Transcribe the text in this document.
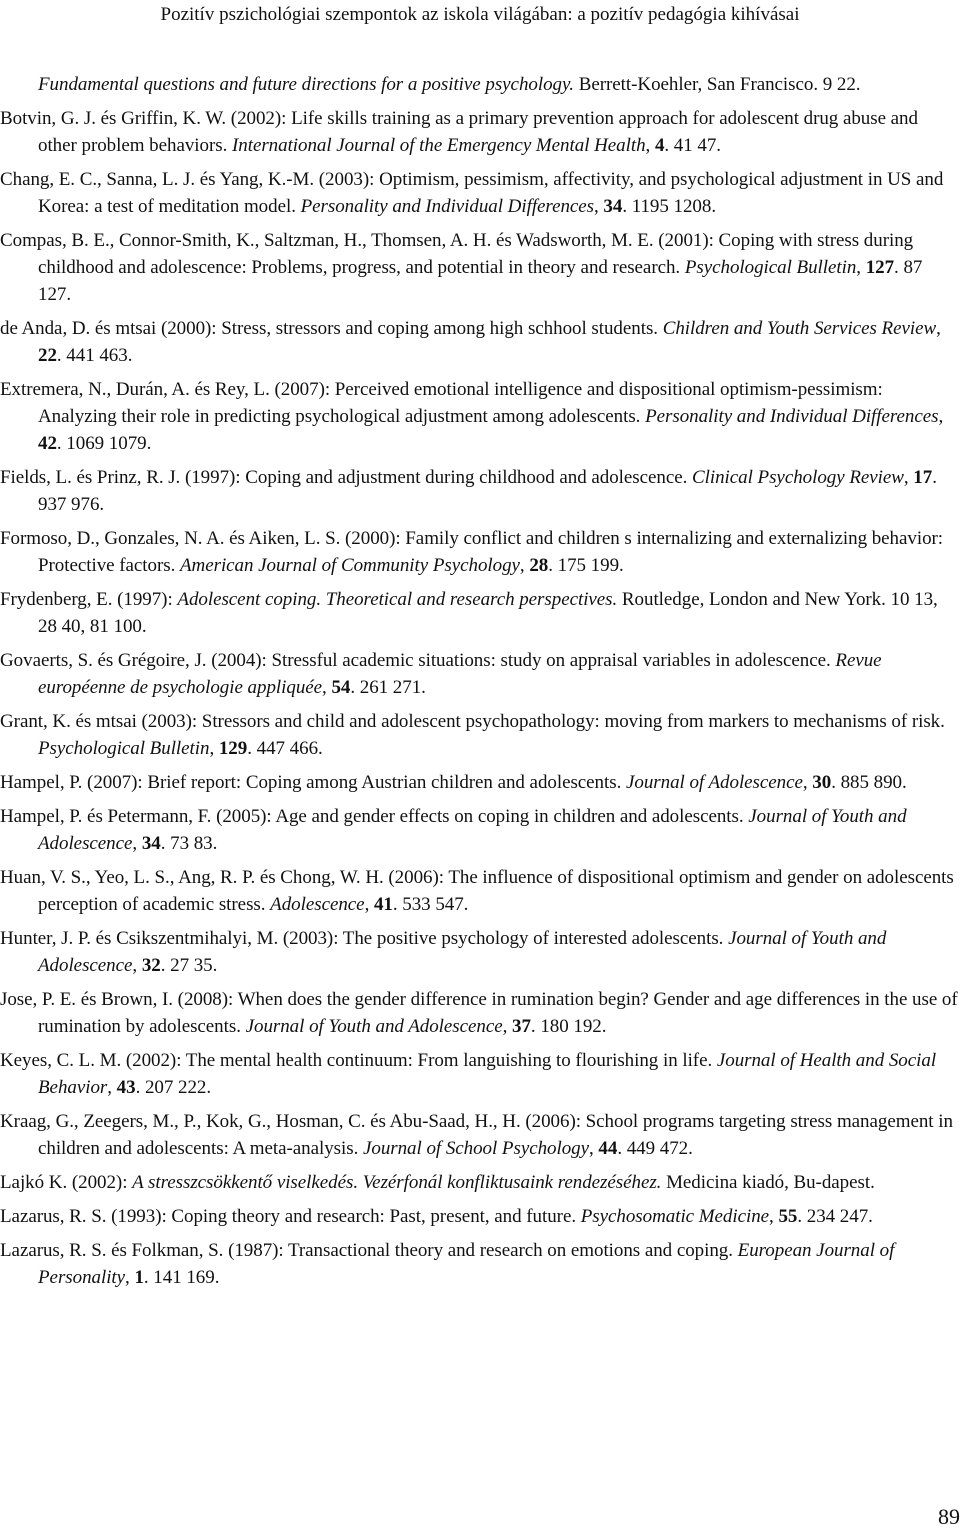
Pozitív pszichológiai szempontok az iskola világában: a pozitív pedagógia kihívásai

Fundamental questions and future directions for a positive psychology. Berrett-Koehler, San Francisco. 9 22.

Botvin, G. J. és Griffin, K. W. (2002): Life skills training as a primary prevention approach for adolescent drug abuse and other problem behaviors. International Journal of the Emergency Mental Health, 4. 41 47.

Chang, E. C., Sanna, L. J. és Yang, K.-M. (2003): Optimism, pessimism, affectivity, and psychological adjustment in US and Korea: a test of meditation model. Personality and Individual Differences, 34. 1195 1208.

Compas, B. E., Connor-Smith, K., Saltzman, H., Thomsen, A. H. és Wadsworth, M. E. (2001): Coping with stress during childhood and adolescence: Problems, progress, and potential in theory and research. Psychological Bulletin, 127. 87 127.

de Anda, D. és mtsai (2000): Stress, stressors and coping among high schhool students. Children and Youth Services Review, 22. 441 463.

Extremera, N., Durán, A. és Rey, L. (2007): Perceived emotional intelligence and dispositional optimism-pessimism: Analyzing their role in predicting psychological adjustment among adolescents. Personality and Individual Differences, 42. 1069 1079.

Fields, L. és Prinz, R. J. (1997): Coping and adjustment during childhood and adolescence. Clinical Psychology Review, 17. 937 976.

Formoso, D., Gonzales, N. A. és Aiken, L. S. (2000): Family conflict and children s internalizing and externalizing behavior: Protective factors. American Journal of Community Psychology, 28. 175 199.

Frydenberg, E. (1997): Adolescent coping. Theoretical and research perspectives. Routledge, London and New York. 10 13, 28 40, 81 100.

Govaerts, S. és Grégoire, J. (2004): Stressful academic situations: study on appraisal variables in adolescence. Revue européenne de psychologie appliquée, 54. 261 271.

Grant, K. és mtsai (2003): Stressors and child and adolescent psychopathology: moving from markers to mechanisms of risk. Psychological Bulletin, 129. 447 466.

Hampel, P. (2007): Brief report: Coping among Austrian children and adolescents. Journal of Adolescence, 30. 885 890.

Hampel, P. és Petermann, F. (2005): Age and gender effects on coping in children and adolescents. Journal of Youth and Adolescence, 34. 73 83.

Huan, V. S., Yeo, L. S., Ang, R. P. és Chong, W. H. (2006): The influence of dispositional optimism and gender on adolescents perception of academic stress. Adolescence, 41. 533 547.

Hunter, J. P. és Csikszentmihalyi, M. (2003): The positive psychology of interested adolescents. Journal of Youth and Adolescence, 32. 27 35.

Jose, P. E. és Brown, I. (2008): When does the gender difference in rumination begin? Gender and age differences in the use of rumination by adolescents. Journal of Youth and Adolescence, 37. 180 192.

Keyes, C. L. M. (2002): The mental health continuum: From languishing to flourishing in life. Journal of Health and Social Behavior, 43. 207 222.

Kraag, G., Zeegers, M., P., Kok, G., Hosman, C. és Abu-Saad, H., H. (2006): School programs targeting stress management in children and adolescents: A meta-analysis. Journal of School Psychology, 44. 449 472.

Lajkó K. (2002): A stresszcsökkentő viselkedés. Vezérfonál konfliktusaink rendezéséhez. Medicina kiadó, Bu-dapest.

Lazarus, R. S. (1993): Coping theory and research: Past, present, and future. Psychosomatic Medicine, 55. 234 247.

Lazarus, R. S. és Folkman, S. (1987): Transactional theory and research on emotions and coping. European Journal of Personality, 1. 141 169.

89
